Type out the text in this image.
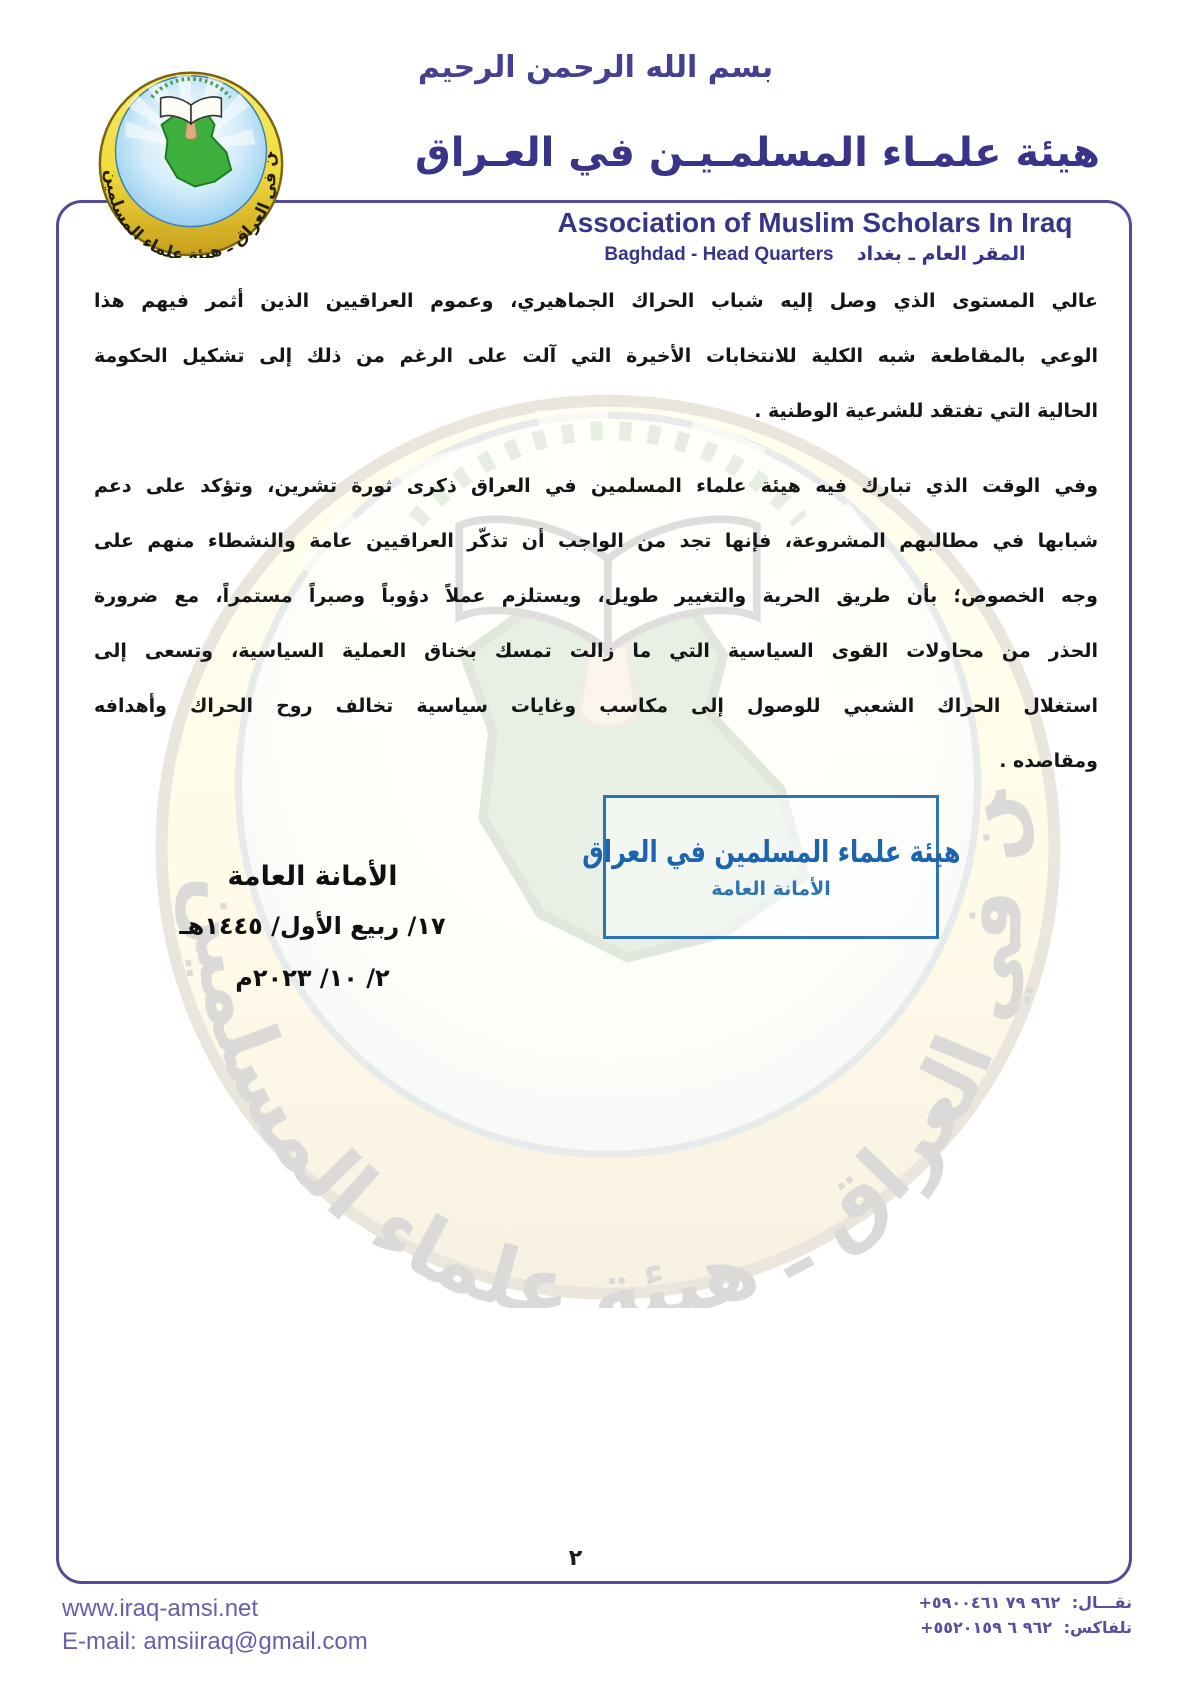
بسم الله الرحمن الرحيم
هيئة علمـاء المسلمـيـن في العـراق
Association of Muslim Scholars In Iraq
Baghdad - Head Quarters المقر العام ـ بغداد
عالي المستوى الذي وصل إليه شباب الحراك الجماهيري، وعموم العراقيين الذين أثمر فيهم هذا
الوعي بالمقاطعة شبه الكلية للانتخابات الأخيرة التي آلت على الرغم من ذلك إلى تشكيل الحكومة
الحالية التي تفتقد للشرعية الوطنية .
وفي الوقت الذي تبارك فيه هيئة علماء المسلمين في العراق ذكرى ثورة تشرين، وتؤكد على دعم
شبابها في مطالبهم المشروعة، فإنها تجد من الواجب أن تذكّر العراقيين عامة والنشطاء منهم على
وجه الخصوص؛ بأن طريق الحرية والتغيير طويل، ويستلزم عملاً دؤوباً وصبراً مستمراً، مع ضرورة
الحذر من محاولات القوى السياسية التي ما زالت تمسك بخناق العملية السياسية، وتسعى إلى
استغلال الحراك الشعبي للوصول إلى مكاسب وغايات سياسية تخالف روح الحراك وأهدافه
ومقاصده .
الأمانة العامة
١٧/ ربيع الأول/ ١٤٤٥هـ
٢/ ١٠/ ٢٠٢٣م
هيئة علماء المسلمين في العراق
الأمانة العامة
٢
www.iraq-amsi.net
E-mail: amsiiraq@gmail.com
نقـــال: +٩٦٢ ٧٩ ٥٩٠٠٤٦١
تلفاكس: +٩٦٢ ٦ ٥٥٢٠١٥٩
